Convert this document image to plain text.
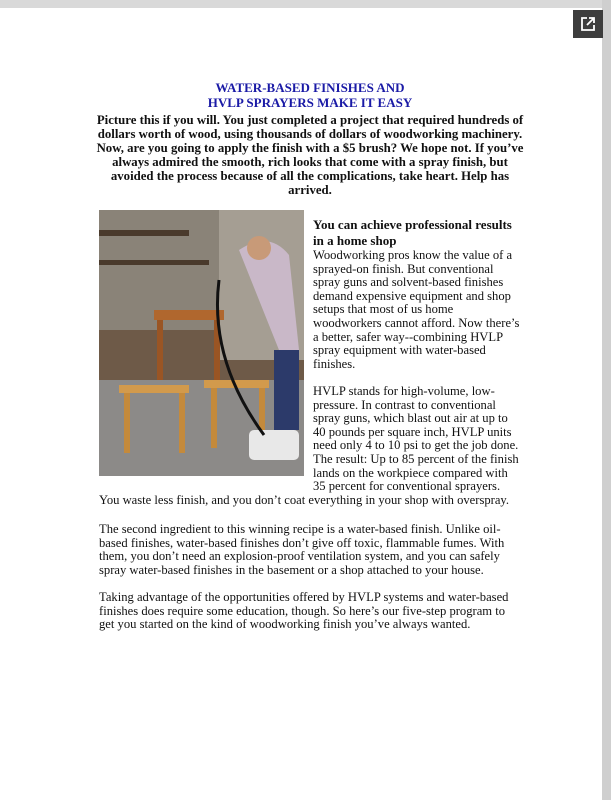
WATER-BASED FINISHES AND
HVLP SPRAYERS MAKE IT EASY

Picture this if you will. You just completed a project that required hundreds of dollars worth of wood, using thousands of dollars of woodworking machinery. Now, are you going to apply the finish with a $5 brush? We hope not. If you’ve always admired the smooth, rich looks that come with a spray finish, but avoided the process because of all the complications, take heart. Help has arrived.

You can achieve professional results in a home shop

Woodworking pros know the value of a sprayed-on finish. But conventional spray guns and solvent-based finishes demand expensive equipment and shop setups that most of us home woodworkers cannot afford. Now there’s a better, safer way--combining HVLP spray equipment with water-based finishes.

HVLP stands for high-volume, low-pressure. In contrast to conventional spray guns, which blast out air at up to 40 pounds per square inch, HVLP units need only 4 to 10 psi to get the job done. The result: Up to 85 percent of the finish lands on the workpiece compared with 35 percent for conventional sprayers. You waste less finish, and you don’t coat everything in your shop with overspray.

The second ingredient to this winning recipe is a water-based finish. Unlike oil-based finishes, water-based finishes don’t give off toxic, flammable fumes. With them, you don’t need an explosion-proof ventilation system, and you can safely spray water-based finishes in the basement or a shop attached to your house.

Taking advantage of the opportunities offered by HVLP systems and water-based finishes does require some education, though. So here’s our five-step program to get you started on the kind of woodworking finish you’ve always wanted.
